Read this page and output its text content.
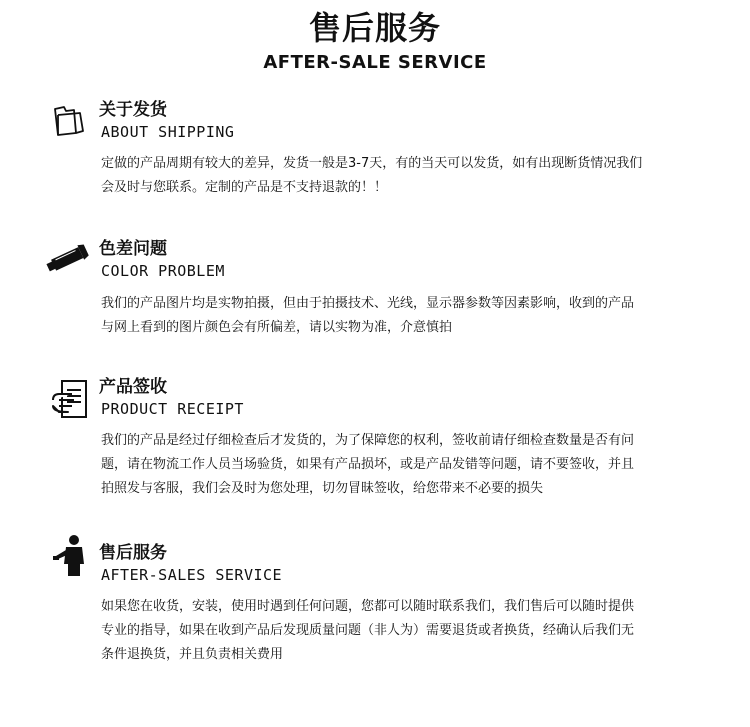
售后服务
AFTER-SALE SERVICE
关于发货
ABOUT SHIPPING

定做的产品周期有较大的差异，发货一般是3-7天，有的当天可以发货，如有出现断货情况我们

会及时与您联系。定制的产品是不支持退款的！！

色差问题
COLOR PROBLEM

我们的产品图片均是实物拍摄，但由于拍摄技术、光线，显示器参数等因素影响，收到的产品

与网上看到的图片颜色会有所偏差，请以实物为准，介意慎拍

产品签收
PRODUCT RECEIPT

我们的产品是经过仔细检查后才发货的，为了保障您的权利，签收前请仔细检查数量是否有问

题，请在物流工作人员当场验货，如果有产品损坏，或是产品发错等问题，请不要签收，并且

拍照发与客服，我们会及时为您处理，切勿冒昧签收，给您带来不必要的损失

售后服务
AFTER-SALES SERVICE

如果您在收货，安装，使用时遇到任何问题，您都可以随时联系我们，我们售后可以随时提供

专业的指导，如果在收到产品后发现质量问题（非人为）需要退货或者换货，经确认后我们无

条件退换货，并且负责相关费用
